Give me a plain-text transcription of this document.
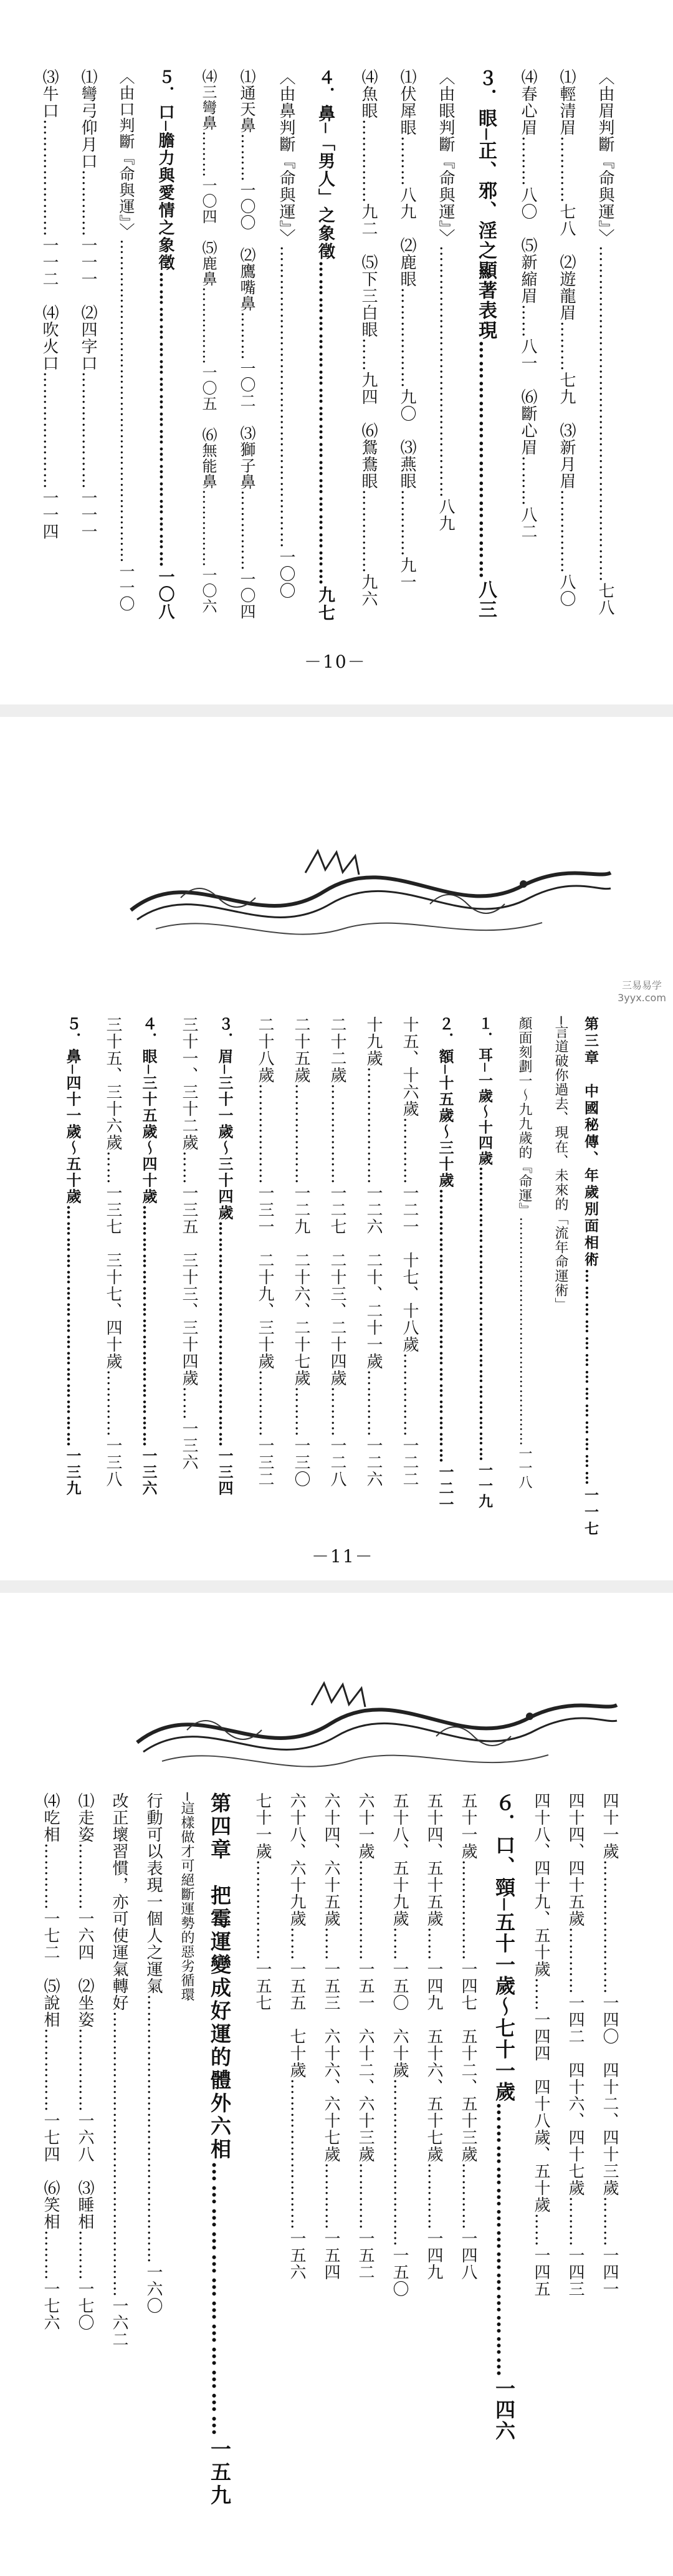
〈由眉判斷『命與運』〉……………………………………………………七八
⑴輕清眉…………七八　⑵遊龍眉………七九　⑶新月眉……………八〇
⑷春心眉………八〇　⑸新縮眉……八一　⑹斷心眉………八二
３．眼─正、邪、淫之顯著表現………………………………八三
〈由眼判斷『命與運』〉………………………………………八九
⑴伏犀眼………八九　⑵鹿眼………………九〇　⑶燕眼…………九一
⑷魚眼……………九二　⑸下三白眼……九四　⑹鴛鴦眼……………九六
４．鼻─「男人」之象徵………………………………………………九七
〈由鼻判斷『命與運』〉………………………………………………一〇〇
⑴通天鼻………一〇〇　⑵鷹嘴鼻………一〇二　⑶獅子鼻……………一〇四
⑷三彎鼻………一〇四　⑸鹿鼻……………一〇五　⑹無能鼻……………一〇六
５．口─膽力與愛情之象徵……………………………………………一〇八
〈由口判斷『命與運』〉……………………………………………………一一〇
⑴彎弓仰月口…………一一一　⑵四字口…………………一一一
⑶牛口…………………一一二　⑷吹火口…………………一一四
－10－
第三章　中國秘傳、年歲別面相術…………………………………一一七
─言道破你過去、現在、未來的「流年命運術」
顏面刻劃一～九九歲的『命運』…………………………………………一一八
１．耳─一歲～十四歲…………………………………………………一一九
２．額─十五歲～三十歲……………………………………………一二一
十五、十六歲…………一二一　十七、十八歲……………一二二
十九歲…………………一二六　二十、二十一歲…………一二六
二十二歲………………一二七　二十三、二十四歲………一二八
二十五歲………………一二九　二十六、二十七歲………一三〇
二十八歲………………一三一　二十九、三十歲…………一三二
３．眉─三十一歲～三十四歲……………………………………一三四
三十一、三十二歲……一三五　三十三、三十四歲……一三六
４．眼─三十五歲～四十歲………………………………………一三六
三十五、三十六歲……一三七　三十七、四十歲…………一三八
５．鼻─四十一歲～五十歲………………………………………一三九
三易易学
3yyx.com
－11－
四十一歲……………………一四〇　四十二、四十三歲………一四一
四十四、四十五歲…………一四二　四十六、四十七歲………一四三
四十八、四十九、五十歲……一四四　四十八歲、五十歲……一四五
６．口、頸─五十一歲～七十一歲…………………………………一四六
五十一歲………………一四七　五十二、五十三歲…………一四八
五十四、五十五歲……一四九　五十六、五十七歲…………一四九
五十八、五十九歲……一五〇　六十歲…………………………一五〇
六十一歲………………一五一　六十二、六十三歲…………一五二
六十四、六十五歲……一五三　六十六、六十七歲…………一五四
六十八、六十九歲……一五五　七十歲………………………一五六
七十一歲………………一五七
第四章　把霉運變成好運的體外六相………………………………一五九
─這樣做才可絕斷運勢的惡劣循環
行動可以表現一個人之運氣…………………………………………一六〇
改正壞習慣，亦可使運氣轉好……………………………………………一六二
⑴走姿…………一六四　⑵坐姿……………一六八　⑶睡相………一七〇
⑷吃相…………一七二　⑸說相……………一七四　⑹笑相………一七六
